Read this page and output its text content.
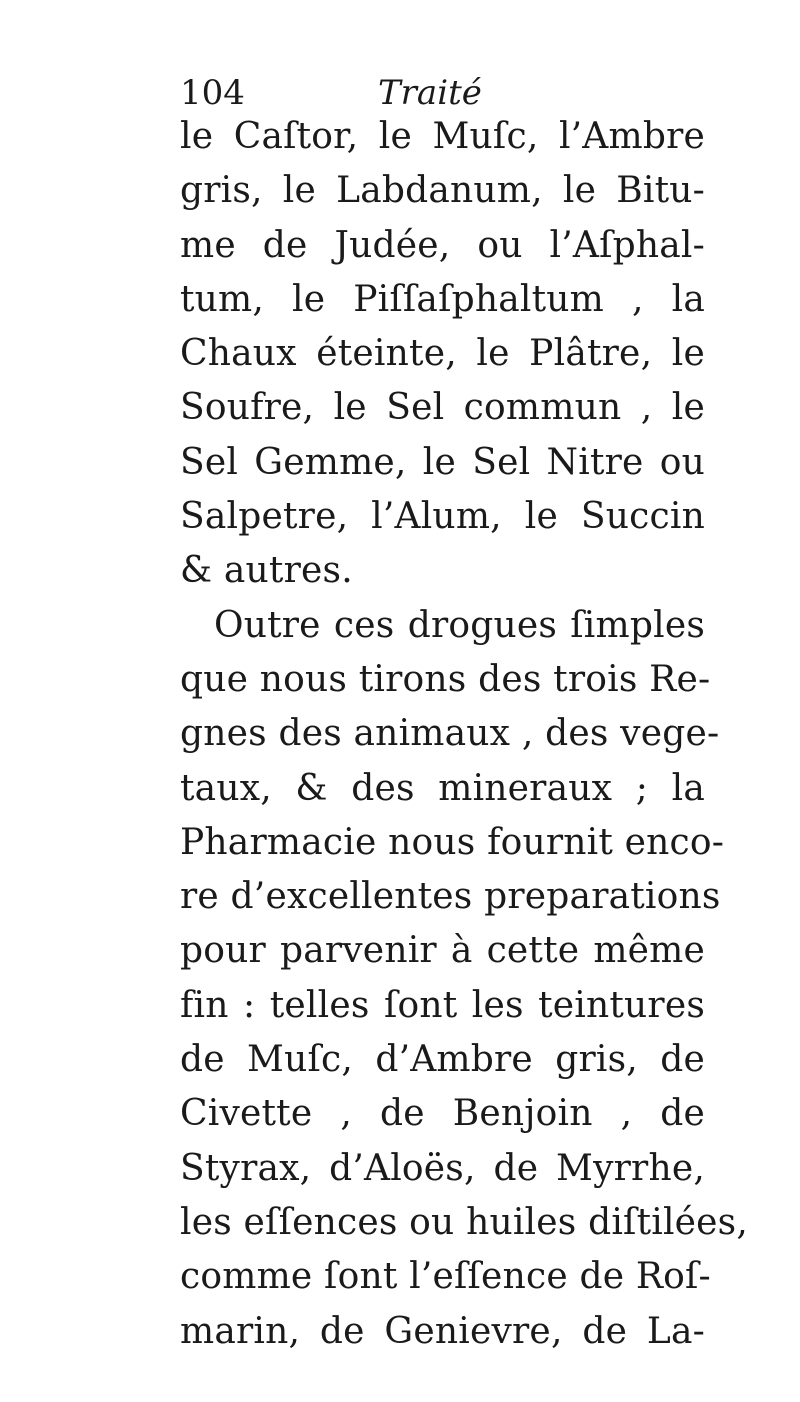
104	Traité
le Caſtor, le Muſc, l’Ambre
gris, le Labdanum, le Bitu-
me de Judée, ou l’Aſphal-
tum, le Piſſaſphaltum , la
Chaux éteinte, le Plâtre, le
Soufre, le Sel commun , le
Sel Gemme, le Sel Nitre ou
Salpetre, l’Alum, le Succin
& autres.
Outre ces drogues ſimples
que nous tirons des trois Re-
gnes des animaux , des vege-
taux, & des mineraux ; la
Pharmacie nous fournit enco-
re d’excellentes preparations
pour parvenir à cette même
fin : telles ſont les teintures
de Muſc, d’Ambre gris, de
Civette , de Benjoin , de
Styrax, d’Aloës, de Myrrhe,
les eſſences ou huiles diſtilées,
comme ſont l’eſſence de Roſ-
marin, de Genievre, de La-
